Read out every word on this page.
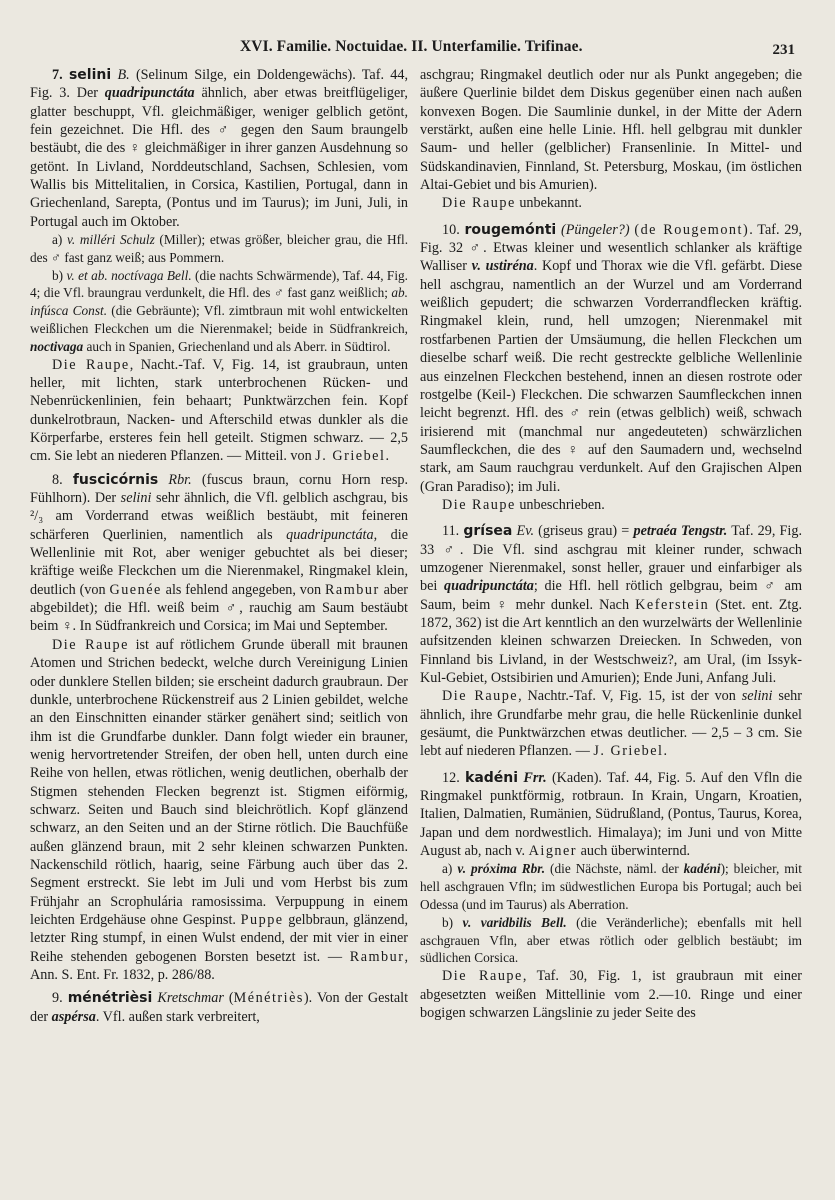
XVI. Familie. Noctuidae. II. Unterfamilie. Trifinae.	231

7. selini B. (Selinum Silge, ein Doldengewächs). Taf. 44, Fig. 3. Der quadripunctáta ähnlich, aber etwas breitflügeliger, glatter beschuppt, Vfl. gleichmäßiger, weniger gelblich getönt, fein gezeichnet. Die Hfl. des ♂ gegen den Saum braungelb bestäubt, die des ♀ gleichmäßiger in ihrer ganzen Ausdehnung so getönt. In Livland, Norddeutschland, Sachsen, Schlesien, vom Wallis bis Mittelitalien, in Corsica, Kastilien, Portugal, dann in Griechenland, Sarepta, (Pontus und im Taurus); im Juni, Juli, in Portugal auch im Oktober.

a) v. milléri Schulz (Miller); etwas größer, bleicher grau, die Hfl. des ♂ fast ganz weiß; aus Pommern.

b) v. et ab. noctívaga Bell. (die nachts Schwärmende), Taf. 44, Fig. 4; die Vfl. braungrau verdunkelt, die Hfl. des ♂ fast ganz weißlich; ab. infúsca Const. (die Gebräunte); Vfl. zimtbraun mit wohl entwickelten weißlichen Fleckchen um die Nierenmakel; beide in Südfrankreich, noctivaga auch in Spanien, Griechenland und als Aberr. in Südtirol.

Die Raupe, Nacht.-Taf. V, Fig. 14, ist graubraun, unten heller, mit lichten, stark unterbrochenen Rücken- und Nebenrückenlinien, fein behaart; Punktwärzchen fein. Kopf dunkelrotbraun, Nacken- und Afterschild etwas dunkler als die Körperfarbe, ersteres fein hell geteilt. Stigmen schwarz. — 2,5 cm. Sie lebt an niederen Pflanzen. — Mitteil. von J. Griebel.

8. fuscicórnis Rbr. (fuscus braun, cornu Horn resp. Fühlhorn). Der selini sehr ähnlich, die Vfl. gelblich aschgrau, bis ²/₃ am Vorderrand etwas weißlich bestäubt, mit feineren schärferen Querlinien, namentlich als quadripunctáta, die Wellenlinie mit Rot, aber weniger gebuchtet als bei dieser; kräftige weiße Fleckchen um die Nierenmakel, Ringmakel klein, deutlich (von Guenée als fehlend angegeben, von Rambur aber abgebildet); die Hfl. weiß beim ♂, rauchig am Saum bestäubt beim ♀. In Südfrankreich und Corsica; im Mai und September.

Die Raupe ist auf rötlichem Grunde überall mit braunen Atomen und Strichen bedeckt, welche durch Vereinigung Linien oder dunklere Stellen bilden; sie erscheint dadurch graubraun. Der dunkle, unterbrochene Rückenstreif aus 2 Linien gebildet, welche an den Einschnitten einander stärker genähert sind; seitlich von ihm ist die Grundfarbe dunkler. Dann folgt wieder ein brauner, wenig hervortretender Streifen, der oben hell, unten durch eine Reihe von hellen, etwas rötlichen, wenig deutlichen, oberhalb der Stigmen stehenden Flecken begrenzt ist. Stigmen eiförmig, schwarz. Seiten und Bauch sind bleichrötlich. Kopf glänzend schwarz, an den Seiten und an der Stirne rötlich. Die Bauchfüße außen glänzend braun, mit 2 sehr kleinen schwarzen Punkten. Nackenschild rötlich, haarig, seine Färbung auch über das 2. Segment erstreckt. Sie lebt im Juli und vom Herbst bis zum Frühjahr an Scrophulária ramosissima. Verpuppung in einem leichten Erdgehäuse ohne Gespinst. Puppe gelbbraun, glänzend, letzter Ring stumpf, in einen Wulst endend, der mit vier in einer Reihe stehenden gebogenen Borsten besetzt ist. — Rambur, Ann. S. Ent. Fr. 1832, p. 286/88.

9. ménétrièsi Kretschmar (Ménétriès). Von der Gestalt der aspérsa. Vfl. außen stark verbreitert,

aschgrau; Ringmakel deutlich oder nur als Punkt angegeben; die äußere Querlinie bildet dem Diskus gegenüber einen nach außen konvexen Bogen. Die Saumlinie dunkel, in der Mitte der Adern verstärkt, außen eine helle Linie. Hfl. hell gelbgrau mit dunkler Saum- und heller (gelblicher) Fransenlinie. In Mittel- und Südskandinavien, Finnland, St. Petersburg, Moskau, (im östlichen Altai-Gebiet und bis Amurien).

Die Raupe unbekannt.

10. rougemónti (Püngeler?) (de Rougemont). Taf. 29, Fig. 32 ♂. Etwas kleiner und wesentlich schlanker als kräftige Walliser v. ustiréna. Kopf und Thorax wie die Vfl. gefärbt. Diese hell aschgrau, namentlich an der Wurzel und am Vorderrand weißlich gepudert; die schwarzen Vorderrandflecken kräftig. Ringmakel klein, rund, hell umzogen; Nierenmakel mit rostfarbenen Partien der Umsäumung, die hellen Fleckchen um dieselbe scharf weiß. Die recht gestreckte gelbliche Wellenlinie aus einzelnen Fleckchen bestehend, innen an diesen rostrote oder rostgelbe (Keil-) Fleckchen. Die schwarzen Saumfleckchen innen leicht begrenzt. Hfl. des ♂ rein (etwas gelblich) weiß, schwach irisierend mit (manchmal nur angedeuteten) schwärzlichen Saumfleckchen, die des ♀ auf den Saumadern und, wechselnd stark, am Saum rauchgrau verdunkelt. Auf den Grajischen Alpen (Gran Paradiso); im Juli.

Die Raupe unbeschrieben.

11. grísea Ev. (griseus grau) = petraéa Tengstr. Taf. 29, Fig. 33 ♂. Die Vfl. sind aschgrau mit kleiner runder, schwach umzogener Nierenmakel, sonst heller, grauer und einfarbiger als bei quadripunctáta; die Hfl. hell rötlich gelbgrau, beim ♂ am Saum, beim ♀ mehr dunkel. Nach Keferstein (Stet. ent. Ztg. 1872, 362) ist die Art kenntlich an den wurzelwärts der Wellenlinie aufsitzenden kleinen schwarzen Dreiecken. In Schweden, von Finnland bis Livland, in der Westschweiz?, am Ural, (im Issyk-Kul-Gebiet, Ostsibirien und Amurien); Ende Juni, Anfang Juli.

Die Raupe, Nachtr.-Taf. V, Fig. 15, ist der von selini sehr ähnlich, ihre Grundfarbe mehr grau, die helle Rückenlinie dunkel gesäumt, die Punktwärzchen etwas deutlicher. — 2,5 – 3 cm. Sie lebt auf niederen Pflanzen. — J. Griebel.

12. kadéni Frr. (Kaden). Taf. 44, Fig. 5. Auf den Vfln die Ringmakel punktförmig, rotbraun. In Krain, Ungarn, Kroatien, Italien, Dalmatien, Rumänien, Südrußland, (Pontus, Taurus, Korea, Japan und dem nordwestlich. Himalaya); im Juni und von Mitte August ab, nach v. Aigner auch überwinternd.

a) v. próxima Rbr. (die Nächste, näml. der kadéni); bleicher, mit hell aschgrauen Vfln; im südwestlichen Europa bis Portugal; auch bei Odessa (und im Taurus) als Aberration.

b) v. varidbilis Bell. (die Veränderliche); ebenfalls mit hell aschgrauen Vfln, aber etwas rötlich oder gelblich bestäubt; im südlichen Corsica.

Die Raupe, Taf. 30, Fig. 1, ist graubraun mit einer abgesetzten weißen Mittellinie vom 2.—10. Ringe und einer bogigen schwarzen Längslinie zu jeder Seite des
